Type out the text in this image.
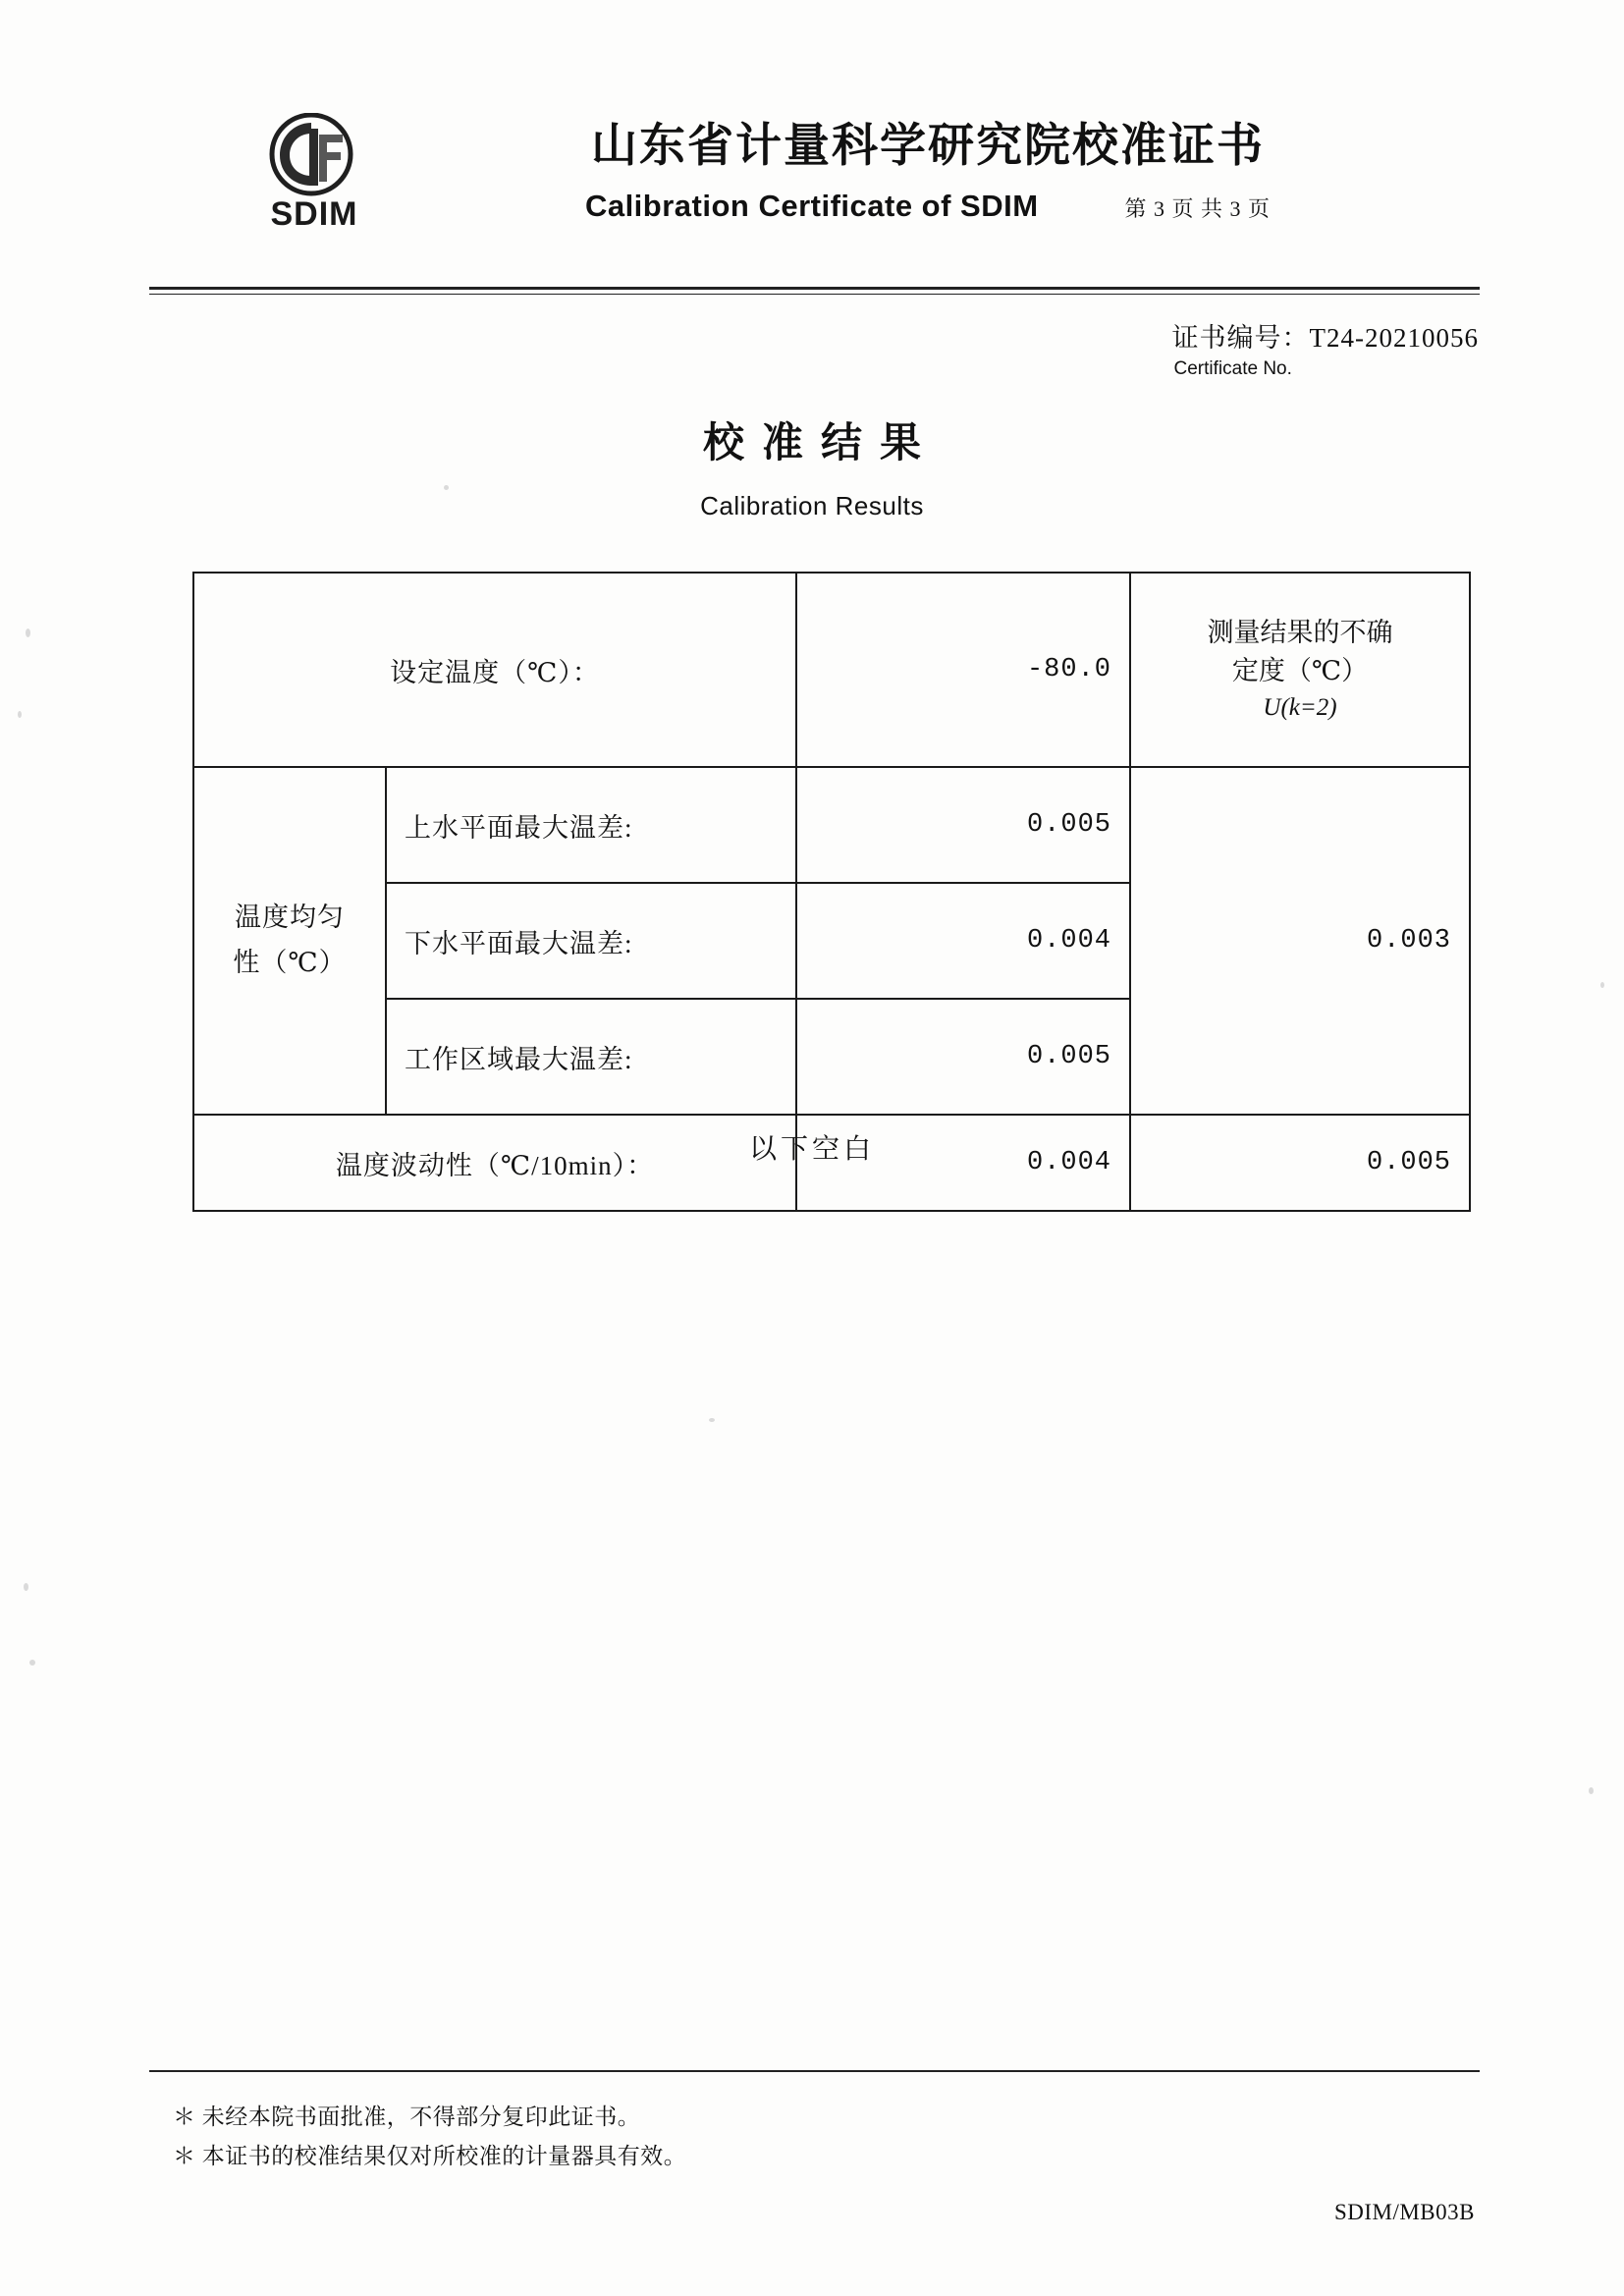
SDIM
山东省计量科学研究院校准证书
Calibration Certificate of SDIM	第 3 页 共 3 页
证书编号：T24-20210056
Certificate No.
校准结果
Calibration Results
设定温度（℃）：		-80.0	测量结果的不确
定度（℃）
U(k=2)

温度均匀
性（℃）	上水平面最大温差:	0.005	0.003
	下水平面最大温差:	0.004	
	工作区域最大温差:	0.005	
温度波动性（℃/10min）：		0.004	0.005
以下空白
＊ 未经本院书面批准，不得部分复印此证书。
＊ 本证书的校准结果仅对所校准的计量器具有效。
SDIM/MB03B
